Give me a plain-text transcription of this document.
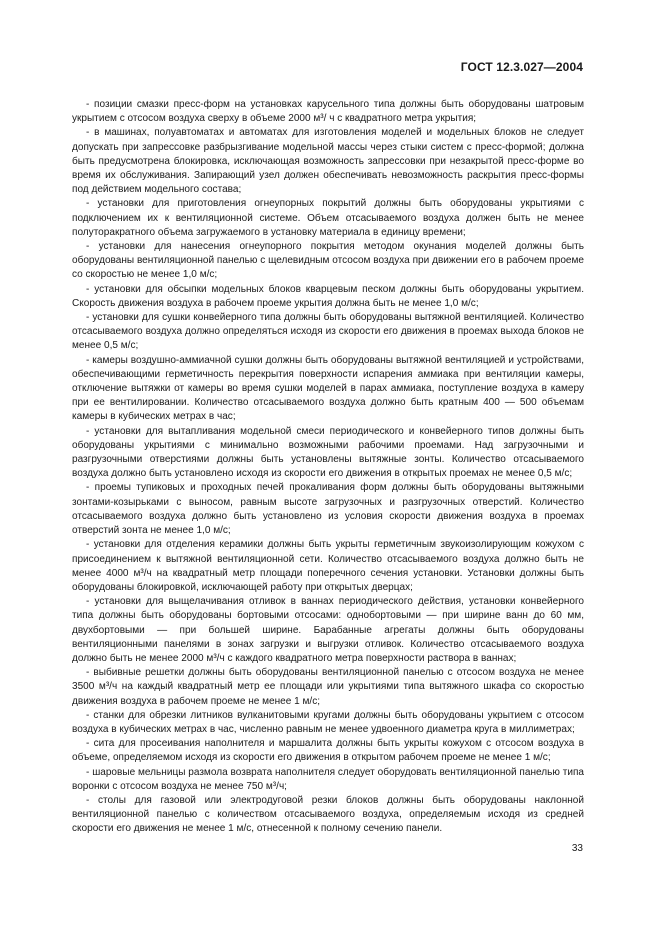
ГОСТ 12.3.027—2004

- позиции смазки пресс-форм на установках карусельного типа должны быть оборудованы шатровым укрытием с отсосом воздуха сверху в объеме 2000 м³/ ч с квадратного метра укрытия;

- в машинах, полуавтоматах и автоматах для изготовления моделей и модельных блоков не следует допускать при запрессовке разбрызгивание модельной массы через стыки систем с пресс-формой; должна быть предусмотрена блокировка, исключающая возможность запрессовки при незакрытой пресс-форме во время их обслуживания. Запирающий узел должен обеспечивать невозможность раскрытия пресс-формы под действием модельного состава;

- установки для приготовления огнеупорных покрытий должны быть оборудованы укрытиями с подключением их к вентиляционной системе. Объем отсасываемого воздуха должен быть не менее полуторакратного объема загружаемого в установку материала в единицу времени;

- установки для нанесения огнеупорного покрытия методом окунания моделей должны быть оборудованы вентиляционной панелью с щелевидным отсосом воздуха при движении его в рабочем проеме со скоростью не менее 1,0 м/с;

- установки для обсыпки модельных блоков кварцевым песком должны быть оборудованы укрытием. Скорость движения воздуха в рабочем проеме укрытия должна быть не менее 1,0 м/с;

- установки для сушки конвейерного типа должны быть оборудованы вытяжной вентиляцией. Количество отсасываемого воздуха должно определяться исходя из скорости его движения в проемах выхода блоков не менее 0,5 м/с;

- камеры воздушно-аммиачной сушки должны быть оборудованы вытяжной вентиляцией и устройствами, обеспечивающими герметичность перекрытия поверхности испарения аммиака при вентиляции камеры, отключение вытяжки от камеры во время сушки моделей в парах аммиака, поступление воздуха в камеру при ее вентилировании. Количество отсасываемого воздуха должно быть кратным 400 — 500 объемам камеры в кубических метрах в час;

- установки для вытапливания модельной смеси периодического и конвейерного типов должны быть оборудованы укрытиями с минимально возможными рабочими проемами. Над загрузочными и разгрузочными отверстиями должны быть установлены вытяжные зонты. Количество отсасываемого воздуха должно быть установлено исходя из скорости его движения в открытых проемах не менее 0,5 м/с;

- проемы тупиковых и проходных печей прокаливания форм должны быть оборудованы вытяжными зонтами-козырьками с выносом, равным высоте загрузочных и разгрузочных отверстий. Количество отсасываемого воздуха должно быть установлено из условия скорости движения воздуха в проемах отверстий зонта не менее 1,0 м/с;

- установки для отделения керамики должны быть укрыты герметичным звукоизолирующим кожухом с присоединением к вытяжной вентиляционной сети. Количество отсасываемого воздуха должно быть не менее 4000 м³/ч на квадратный метр площади поперечного сечения установки. Установки должны быть оборудованы блокировкой, исключающей работу при открытых дверцах;

- установки для выщелачивания отливок в ваннах периодического действия, установки конвейерного типа должны быть оборудованы бортовыми отсосами: однобортовыми — при ширине ванн до 60 мм, двухбортовыми — при большей ширине. Барабанные агрегаты должны быть оборудованы вентиляционными панелями в зонах загрузки и выгрузки отливок. Количество отсасываемого воздуха должно быть не менее 2000 м³/ч с каждого квадратного метра поверхности раствора в ваннах;

- выбивные решетки должны быть оборудованы вентиляционной панелью с отсосом воздуха не менее 3500 м³/ч на каждый квадратный метр ее площади или укрытиями типа вытяжного шкафа со скоростью движения воздуха в рабочем проеме не менее 1 м/с;

- станки для обрезки литников вулканитовыми кругами должны быть оборудованы укрытием с отсосом воздуха в кубических метрах в час, численно равным не менее удвоенного диаметра круга в миллиметрах;

- сита для просеивания наполнителя и маршалита должны быть укрыты кожухом с отсосом воздуха в объеме, определяемом исходя из скорости его движения в открытом рабочем проеме не менее 1 м/с;

- шаровые мельницы размола возврата наполнителя следует оборудовать вентиляционной панелью типа воронки с отсосом воздуха не менее 750 м³/ч;

- столы для газовой или электродуговой резки блоков должны быть оборудованы наклонной вентиляционной панелью с количеством отсасываемого воздуха, определяемым исходя из средней скорости его движения не менее 1 м/с, отнесенной к полному сечению панели.

33
